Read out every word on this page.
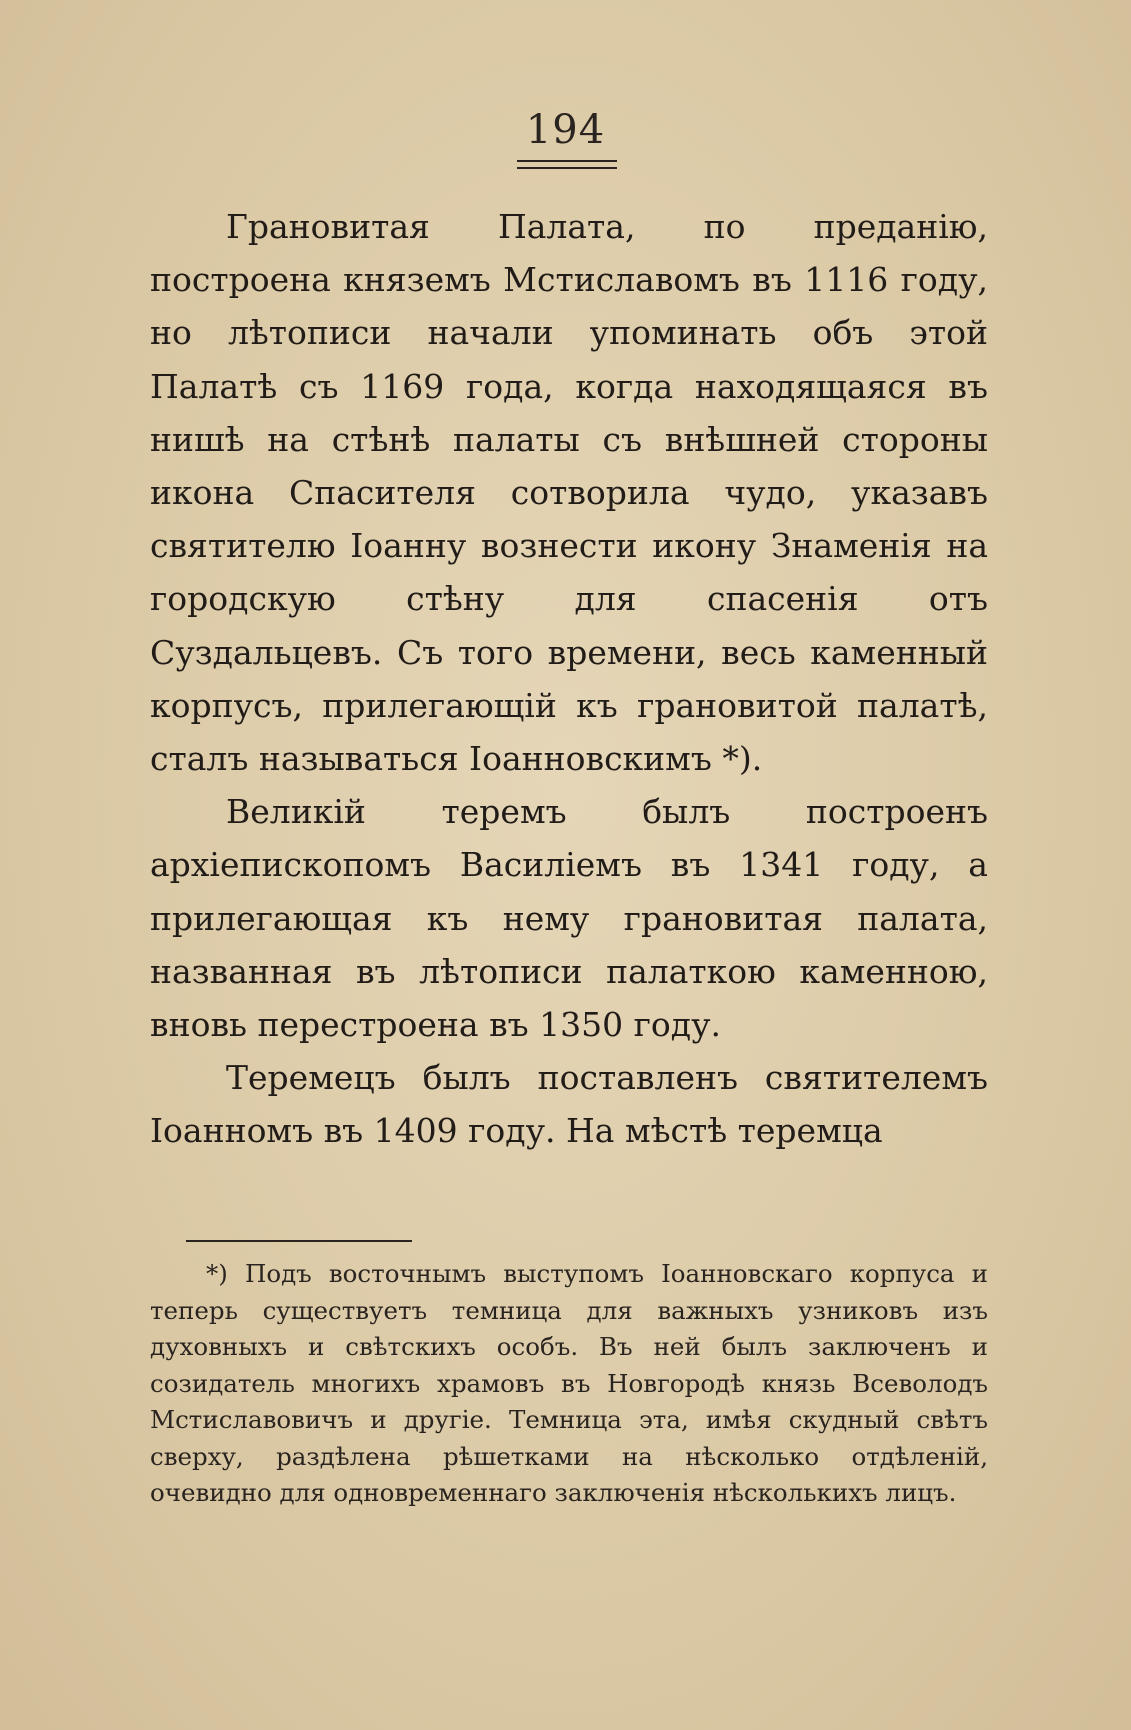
194

Грановитая Палата, по преданію, построена княземъ Мстиславомъ въ 1116 году, но лѣтописи начали упоминать объ этой Палатѣ съ 1169 года, когда находящаяся въ нишѣ на стѣнѣ палаты съ внѣшней стороны икона Спасителя сотворила чудо, указавъ святителю Іоанну вознести икону Знаменія на городскую стѣну для спасенія отъ Суздальцевъ. Съ того времени, весь каменный корпусъ, прилегающій къ грановитой палатѣ, сталъ называться Іоанновскимъ *).

Великій теремъ былъ построенъ архіепископомъ Василіемъ въ 1341 году, а прилегающая къ нему грановитая палата, названная въ лѣтописи палаткою каменною, вновь перестроена въ 1350 году.

Теремецъ былъ поставленъ святителемъ Іоанномъ въ 1409 году. На мѣстѣ теремца

*) Подъ восточнымъ выступомъ Іоанновскаго корпуса и теперь существуетъ темница для важныхъ узниковъ изъ духовныхъ и свѣтскихъ особъ. Въ ней былъ заключенъ и созидатель многихъ храмовъ въ Новгородѣ князь Всеволодъ Мстиславовичъ и другіе. Темница эта, имѣя скудный свѣтъ сверху, раздѣлена рѣшетками на нѣсколько отдѣленій, очевидно для одновременнаго заключенія нѣсколькихъ лицъ.
